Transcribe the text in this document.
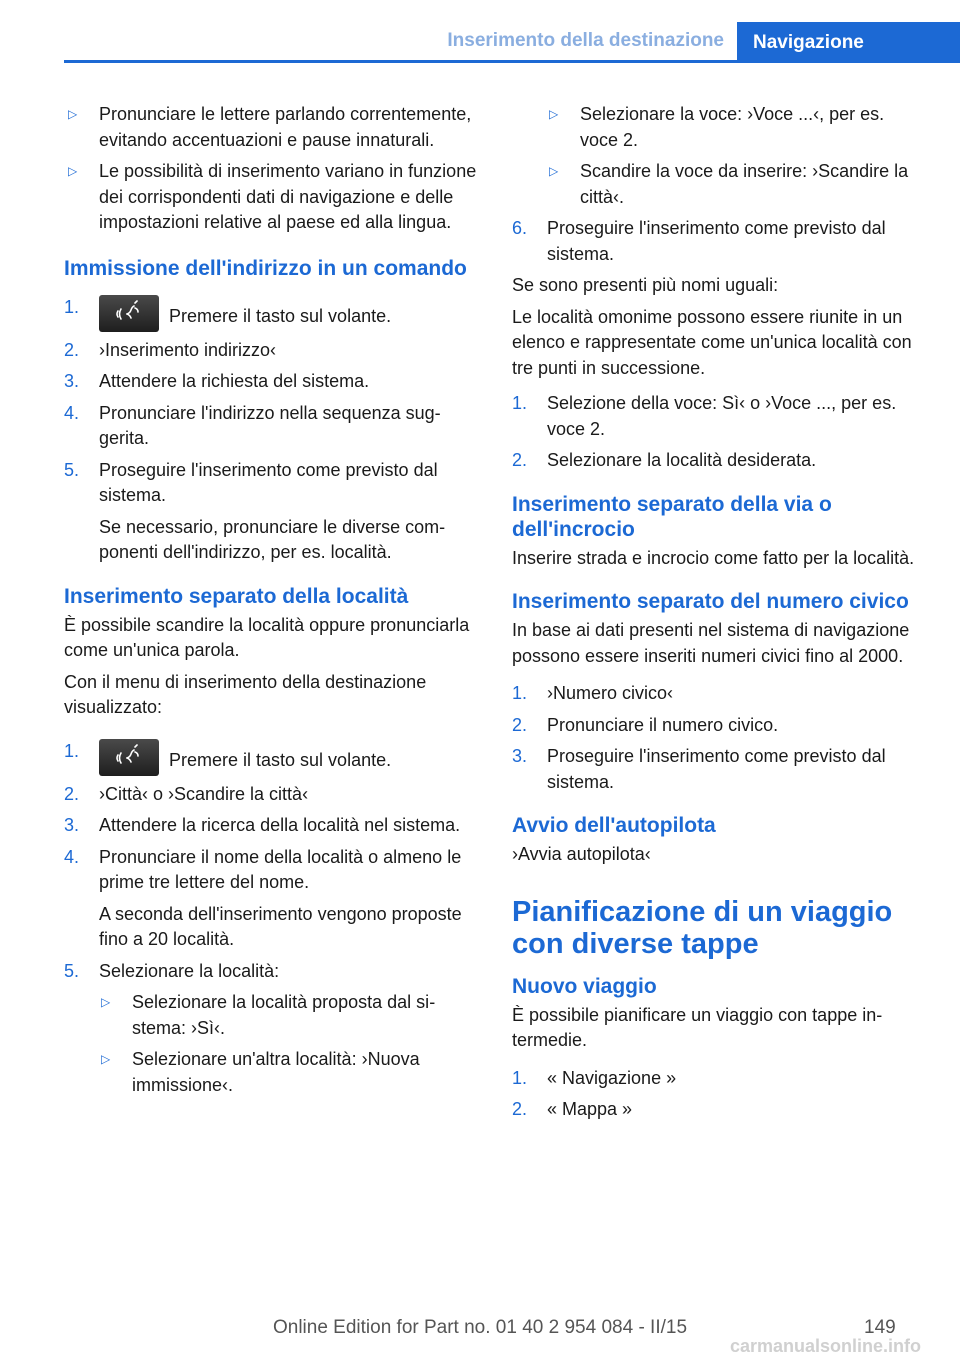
Inserimento della destinazione Navigazione
▷ Pronunciare le lettere parlando correntemente, evitando accentuazioni e pause innaturali.
▷ Le possibilità di inserimento variano in funzione dei corrispondenti dati di navigazione e delle impostazioni relative al paese ed alla lingua.
Immissione dell'indirizzo in un comando
1.	Premere il tasto sul volante.
2. ›Inserimento indirizzo‹
3. Attendere la richiesta del sistema.
4. Pronunciare l'indirizzo nella sequenza suggerita.
5. Proseguire l'inserimento come previsto dal sistema.
Se necessario, pronunciare le diverse componenti dell'indirizzo, per es. località.
Inserimento separato della località

È possibile scandire la località oppure pronunciarla come un'unica parola.

Con il menu di inserimento della destinazione visualizzato:

1.	Premere il tasto sul volante.
2. ›Città‹ o ›Scandire la città‹
3. Attendere la ricerca della località nel sistema.
4. Pronunciare il nome della località o almeno le prime tre lettere del nome.
A seconda dell'inserimento vengono proposte fino a 20 località.
5. Selezionare la località:
▷ Selezionare la località proposta dal sistema: ›Sì‹.
▷ Selezionare un'altra località: ›Nuova immissione‹.
▷ Selezionare la voce: ›Voce ...‹, per es. voce 2.
▷ Scandire la voce da inserire: ›Scandire la città‹.
6. Proseguire l'inserimento come previsto dal sistema.

Se sono presenti più nomi uguali:

Le località omonime possono essere riunite in un elenco e rappresentate come un'unica località con tre punti in successione.

1. Selezione della voce: Sì‹ o ›Voce ..., per es. voce 2.
2. Selezionare la località desiderata.
Inserimento separato della via o dell'incrocio

Inserire strada e incrocio come fatto per la località.

Inserimento separato del numero civico

In base ai dati presenti nel sistema di navigazione possono essere inseriti numeri civici fino al 2000.

1. ›Numero civico‹
2. Pronunciare il numero civico.
3. Proseguire l'inserimento come previsto dal sistema.
Avvio dell'autopilota

›Avvia autopilota‹

Pianificazione di un viaggio con diverse tappe
Nuovo viaggio

È possibile pianificare un viaggio con tappe intermedie.

1. « Navigazione »
2. « Mappa »
149
Online Edition for Part no. 01 40 2 954 084 - II/15
carmanualsonline.info
